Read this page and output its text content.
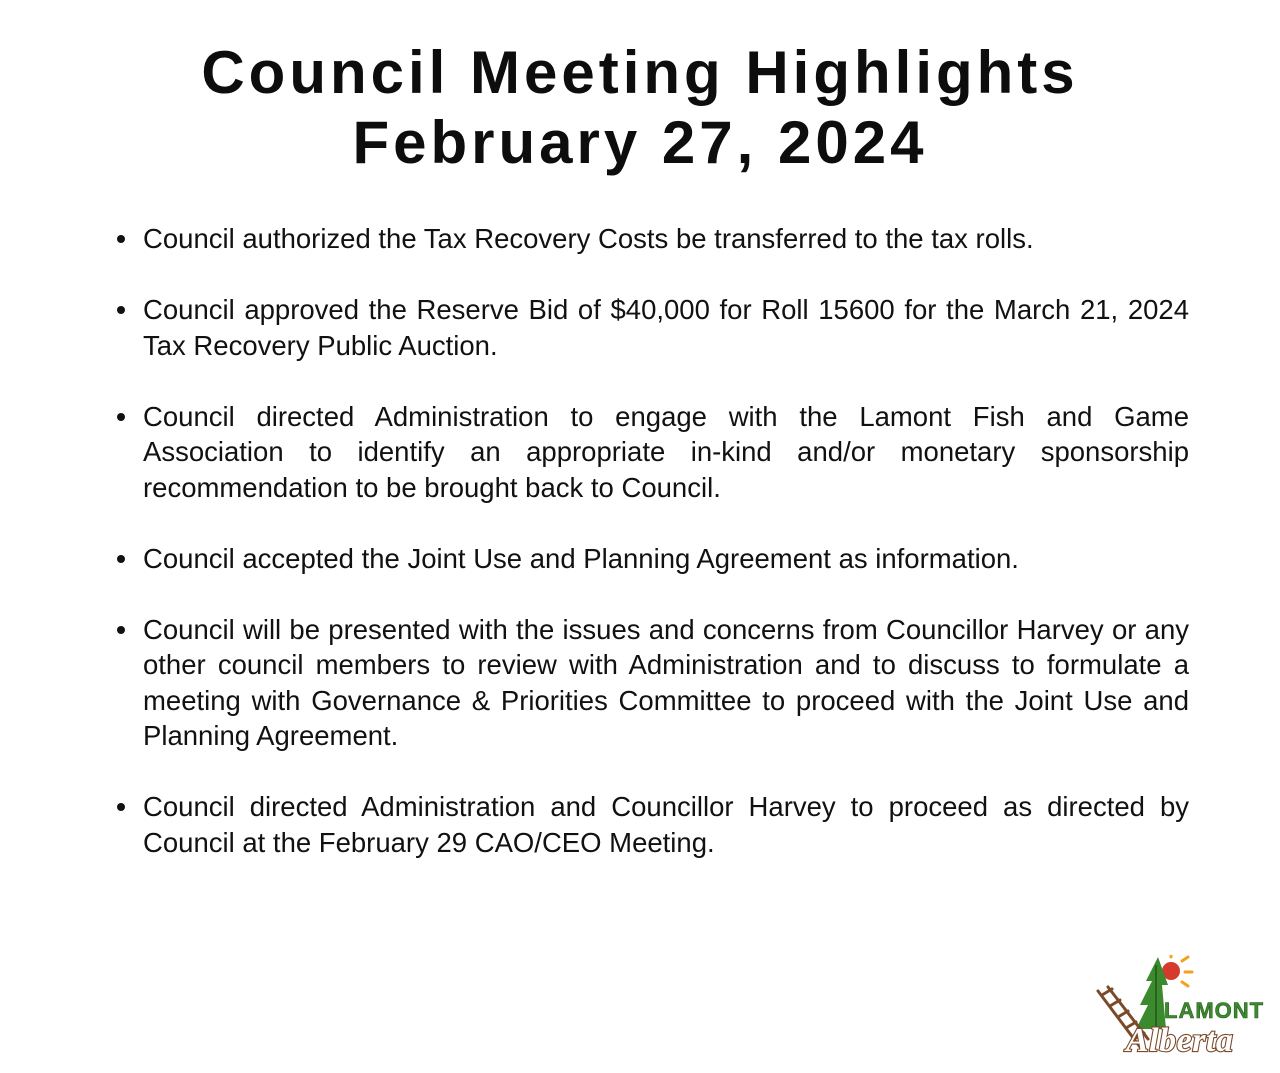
Council Meeting Highlights
February 27, 2024
Council authorized the Tax Recovery Costs be transferred to the tax rolls.
Council approved the Reserve Bid of $40,000 for Roll 15600 for the March 21, 2024 Tax Recovery Public Auction.
Council directed Administration to engage with the Lamont Fish and Game Association to identify an appropriate in-kind and/or monetary sponsorship recommendation to be brought back to Council.
Council accepted the Joint Use and Planning Agreement as information.
Council will be presented with the issues and concerns from Councillor Harvey or any other council members to review with Administration and to discuss to formulate a meeting with Governance & Priorities Committee to proceed with the Joint Use and Planning Agreement.
Council directed Administration and Councillor Harvey to proceed as directed by Council at the February 29 CAO/CEO Meeting.
LAMONT
Alberta
